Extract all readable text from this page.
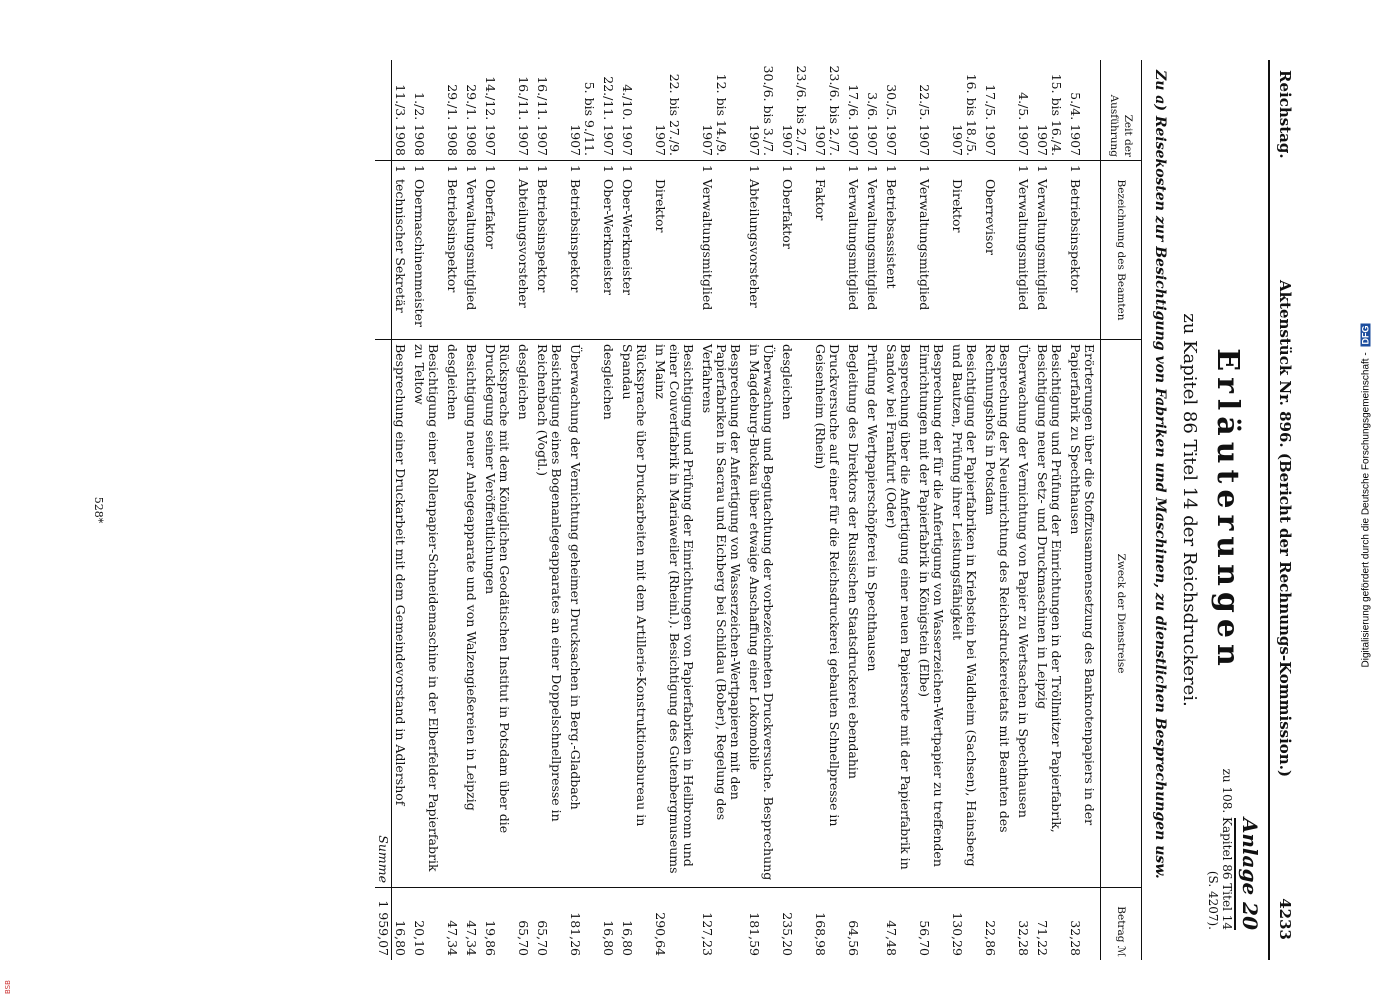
BSB
Digitalisierung gefördert durch die Deutsche Forschungsgemeinschaft - DFG
Reichstag.
Aktenstück Nr. 896. (Bericht der Rechnungs-Kommission.)
4233
Anlage 20
zu 108. Kapitel 86 Titel 14
(S. 4207).
Erläuterungen
zu Kapitel 86 Titel 14 der Reichsdruckerei.
Zu a) Reisekosten zur Besichtigung von Fabriken und Maschinen, zu dienstlichen Besprechungen usw.
Zeit der Ausführung	Bezeichnung des Beamten	Zweck der Dienstreise	Betrag ℳ
5./4. 1907	1Betriebsinspektor	Erörterungen über die Stoffzusammensetzung des Banknotenpapiers in der Papierfabrik zu Spechthausen	32,28
15. bis 16./4. 1907	1Verwaltungsmitglied	Besichtigung und Prüfung der Einrichtungen in der Tröllmitzer Papierfabrik, Besichtigung neuer Setz- und Druckmaschinen in Leipzig	71,22
4./5. 1907	1Verwaltungsmitglied	Überwachung der Vernichtung von Papier zu Wertsachen in Spechthausen	32,28
17./5. 1907	Oberrevisor	Besprechung der Neueinrichtung des Reichsdruckereietats mit Beamten des Rechnungshofs in Potsdam	22,86
16. bis 18./5. 1907	Direktor	Besichtigung der Papierfabriken in Kriebstein bei Waldheim (Sachsen), Hainsberg und Bautzen, Prüfung ihrer Leistungsfähigkeit	130,29
22./5. 1907	1Verwaltungsmitglied	Besprechung der für die Anfertigung von Wasserzeichen-Wertpapier zu treffenden Einrichtungen mit der Papierfabrik in Königstein (Elbe)	56,70
30./5. 1907	1Betriebsassistent	Besprechung über die Anfertigung einer neuen Papiersorte mit der Papierfabrik in Sandow bei Frankfurt (Oder)	47,48
3./6. 1907	1Verwaltungsmitglied	Prüfung der Wertpapierschöpferei in Spechthausen	
17./6. 1907	1Verwaltungsmitglied	Begleitung des Direktors der Russischen Staatsdruckerei ebendahin	64,56
23./6. bis 2./7. 1907	1Faktor	Druckversuche auf einer für die Reichsdruckerei gebauten Schnellpresse in Geisenheim (Rhein)	168,98
23./6. bis 2./7. 1907	1Oberfaktor	desgleichen	235,20
30./6. bis 3./7. 1907	1Abteilungsvorsteher	Überwachung und Begutachtung der vorbezeichneten Druckversuche. Besprechung in Magdeburg-Buckau über etwaige Anschaffung einer Lokomobile	181,59
12. bis 14./9. 1907	1Verwaltungsmitglied	Besprechung der Anfertigung von Wasserzeichen-Wertpapieren mit den Papierfabriken in Sacrau und Eichberg bei Schildau (Bober), Regelung des Verfahrens	127,23
22. bis 27./9. 1907	Direktor	Besichtigung und Prüfung der Einrichtungen von Papierfabriken in Heilbronn und einer Couvertfabrik in Mariaweiler (Rheinl.). Besichtigung des Gutenbergmuseums in Mainz	290,64
4./10. 1907	1Ober-Werkmeister	Rücksprache über Druckarbeiten mit dem Artillerie-Konstruktionsbureau in Spandau	16,80
22./11. 1907	1Ober-Werkmeister	desgleichen	16,80
5. bis 9./11. 1907	1Betriebsinspektor	Überwachung der Vernichtung geheimer Drucksachen in Berg.-Gladbach	181,26
16./11. 1907	1Betriebsinspektor	Besichtigung eines Bogenanlegeapparates an einer Doppelschnellpresse in Reichenbach (Vogtl.)	65,70
16./11. 1907	1Abteilungsvorsteher	desgleichen	65,70
14./12. 1907	1Oberfaktor	Rücksprache mit dem Königlichen Geodätischen Institut in Potsdam über die Drucklegung seiner Veröffentlichungen	19,86
29./1. 1908	1Verwaltungsmitglied	Besichtigung neuer Anlegeapparate und von Walzengießereien in Leipzig	47,34
29./1. 1908	1Betriebsinspektor	desgleichen	47,34
1./2. 1908	1Obermaschinenmeister	Besichtigung einer Rollenpapier-Schneidemaschine in der Elberfelder Papierfabrik zu Teltow	20,10
11./3. 1908	1technischer Sekretär	Besprechung einer Druckarbeit mit dem Gemeindevorstand in Adlershof	16,80
		Summe	1 959,07
528*
